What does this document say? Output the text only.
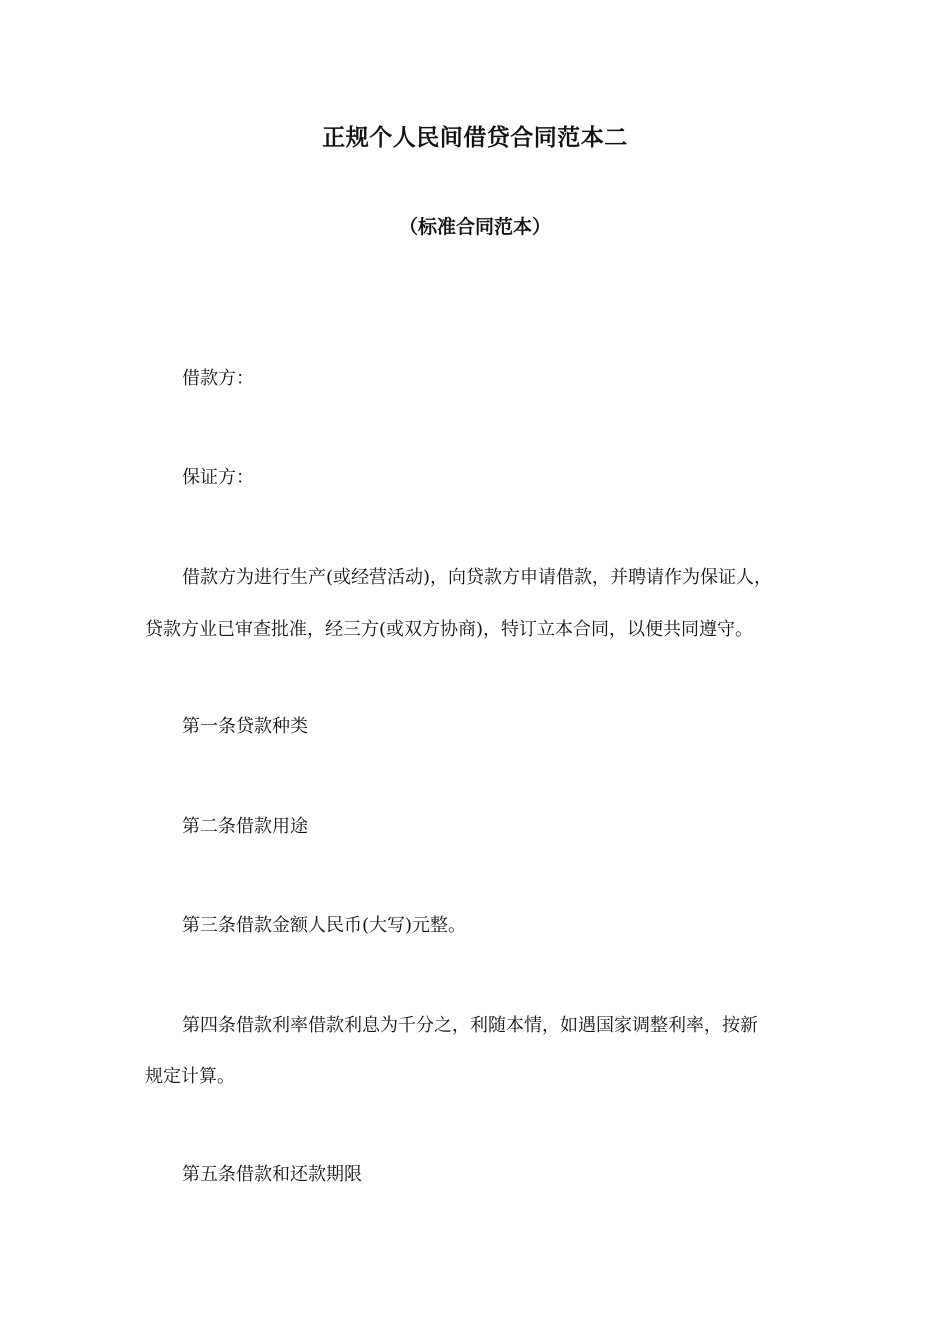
正规个人民间借贷合同范本二
（标准合同范本）
借款方：
保证方：
借款方为进行生产(或经营活动)，向贷款方申请借款，并聘请作为保证人，
贷款方业已审查批准，经三方(或双方协商)，特订立本合同，以便共同遵守。
第一条贷款种类
第二条借款用途
第三条借款金额人民币(大写)元整。
第四条借款利率借款利息为千分之，利随本情，如遇国家调整利率，按新
规定计算。
第五条借款和还款期限
